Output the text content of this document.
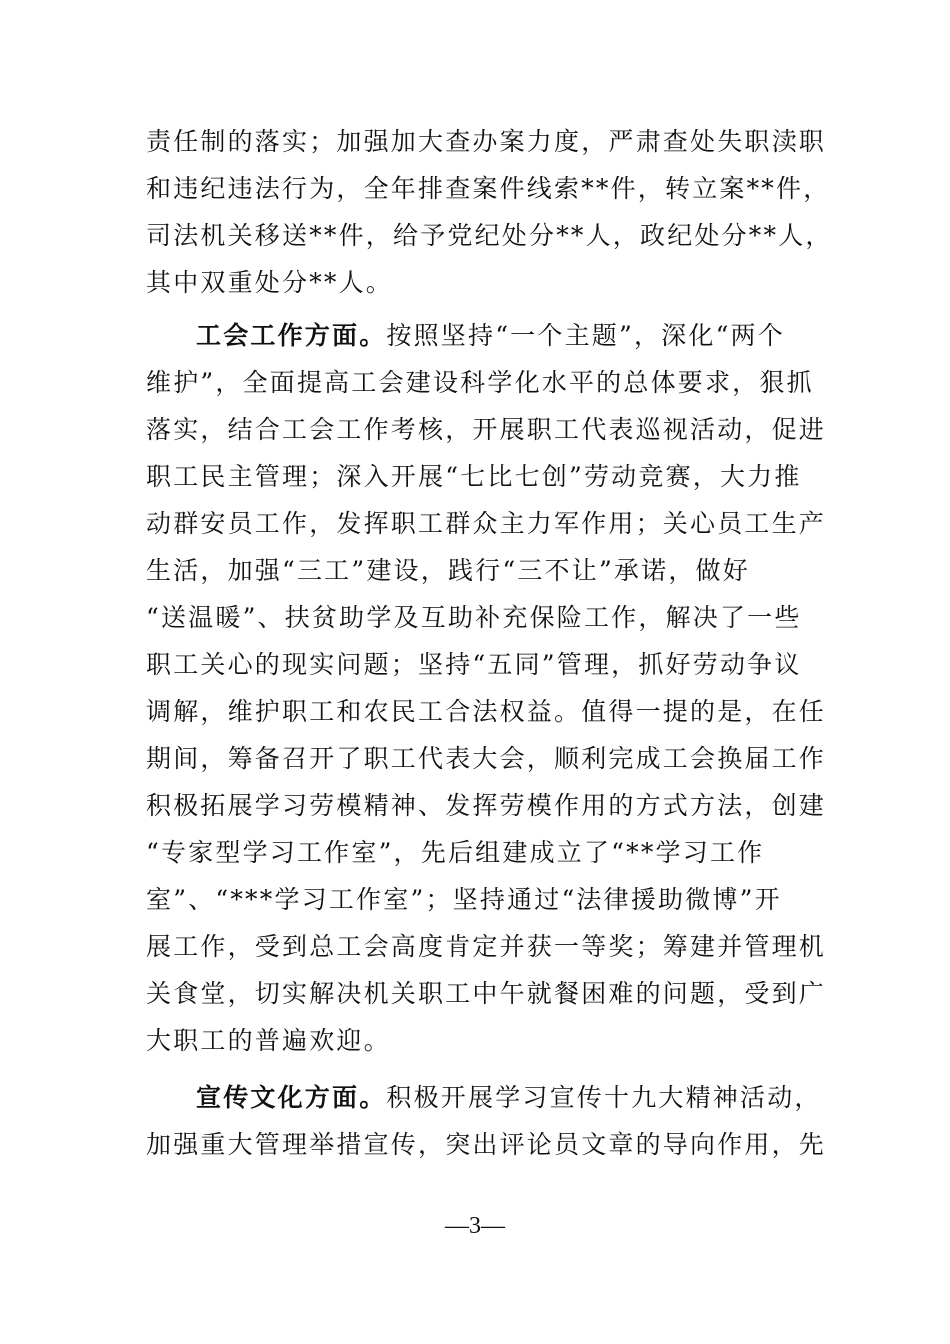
责任制的落实；加强加大查办案力度，严肃查处失职渎职
和违纪违法行为，全年排查案件线索**件，转立案**件，
司法机关移送**件，给予党纪处分**人，政纪处分**人，
其中双重处分**人。
工会工作方面。按照坚持“一个主题”，深化“两个
维护”，全面提高工会建设科学化水平的总体要求，狠抓
落实，结合工会工作考核，开展职工代表巡视活动，促进
职工民主管理；深入开展“七比七创”劳动竞赛，大力推
动群安员工作，发挥职工群众主力军作用；关心员工生产
生活，加强“三工”建设，践行“三不让”承诺，做好
“送温暖”、扶贫助学及互助补充保险工作，解决了一些
职工关心的现实问题；坚持“五同”管理，抓好劳动争议
调解，维护职工和农民工合法权益。值得一提的是，在任
期间，筹备召开了职工代表大会，顺利完成工会换届工作
积极拓展学习劳模精神、发挥劳模作用的方式方法，创建
“专家型学习工作室”，先后组建成立了“**学习工作
室”、“***学习工作室”；坚持通过“法律援助微博”开
展工作，受到总工会高度肯定并获一等奖；筹建并管理机
关食堂，切实解决机关职工中午就餐困难的问题，受到广
大职工的普遍欢迎。
宣传文化方面。积极开展学习宣传十九大精神活动，
加强重大管理举措宣传，突出评论员文章的导向作用，先
—3—
